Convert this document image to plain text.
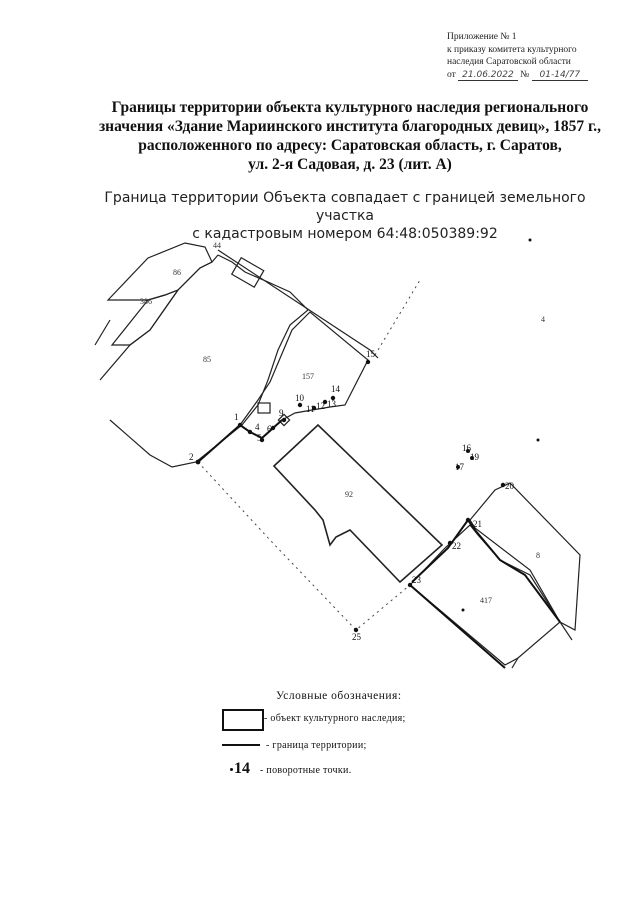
Приложение № 1
к приказу комитета культурного
наследия Саратовской области
от 21.06.2022 № 01-14/77
Границы территории объекта культурного наследия регионального
значения «Здание Мариинского института благородных девиц», 1857 г.,
расположенного по адресу: Саратовская область, г. Саратов,
ул. 2-я Садовая, д. 23 (лит. А)
Граница территории Объекта совпадает с границей земельного участка
с кадастровым номером 64:48:050389:92
86
386
85
157
92
4
8
417
44
1
2
4
5
6
9
10
11 12 13
14
15
16
17
19
20
21
22
23
25
Условные обозначения:
- объект культурного наследия;
- граница территории;
14 - поворотные точки.
